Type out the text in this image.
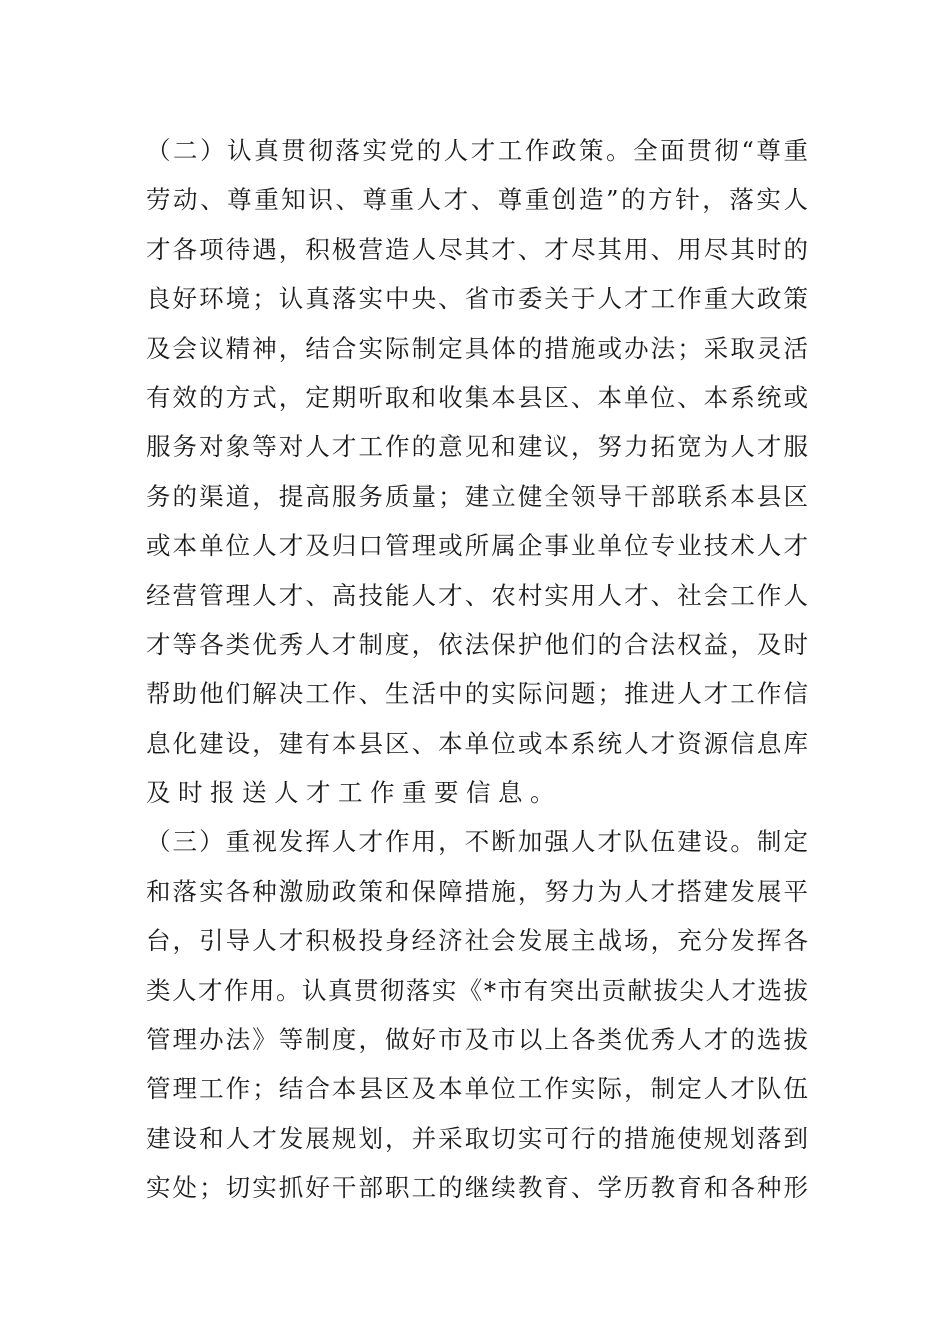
（二）认真贯彻落实党的人才工作政策。全面贯彻“尊重
劳动、尊重知识、尊重人才、尊重创造”的方针，落实人
才各项待遇，积极营造人尽其才、才尽其用、用尽其时的
良好环境；认真落实中央、省市委关于人才工作重大政策
及会议精神，结合实际制定具体的措施或办法；采取灵活
有效的方式，定期听取和收集本县区、本单位、本系统或
服务对象等对人才工作的意见和建议，努力拓宽为人才服
务的渠道，提高服务质量；建立健全领导干部联系本县区
或本单位人才及归口管理或所属企事业单位专业技术人才
经营管理人才、高技能人才、农村实用人才、社会工作人
才等各类优秀人才制度，依法保护他们的合法权益，及时
帮助他们解决工作、生活中的实际问题；推进人才工作信
息化建设，建有本县区、本单位或本系统人才资源信息库
及时报送人才工作重要信息。
（三）重视发挥人才作用，不断加强人才队伍建设。制定
和落实各种激励政策和保障措施，努力为人才搭建发展平
台，引导人才积极投身经济社会发展主战场，充分发挥各
类人才作用。认真贯彻落实《*市有突出贡献拔尖人才选拔
管理办法》等制度，做好市及市以上各类优秀人才的选拔
管理工作；结合本县区及本单位工作实际，制定人才队伍
建设和人才发展规划，并采取切实可行的措施使规划落到
实处；切实抓好干部职工的继续教育、学历教育和各种形
